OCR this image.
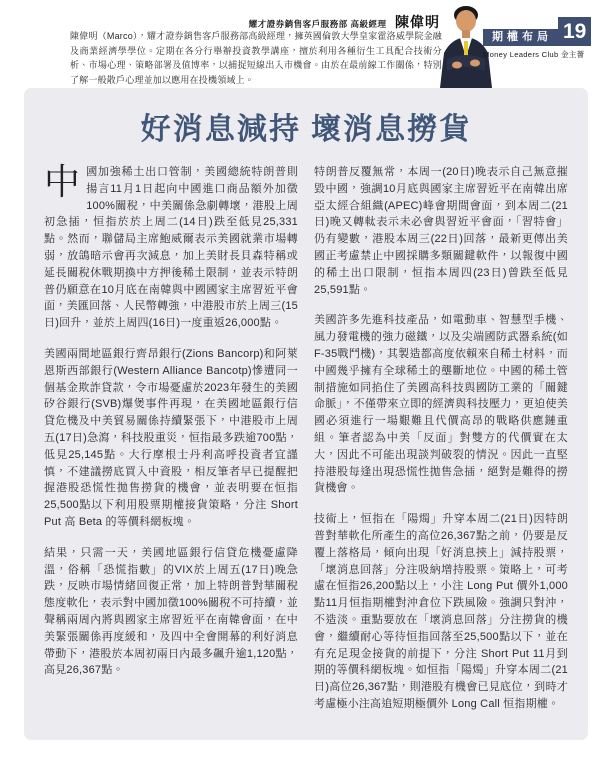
耀才證券銷售客戶服務部 高級經理 陳偉明

陳偉明（Marco），耀才證券銷售客戶服務部高級經理，擁英國倫敦大學皇家霍洛威學院金融及商業經濟學學位。定期在各分行舉辦投資教學講座，擅於利用各種衍生工具配合技術分析、市場心理、策略部署及值博率，以捕捉短線出入市機會。由於在最前線工作關係，特別了解一般散戶心理並加以應用在投機領域上。

期權布局 19
Money Leaders Club 金主薈
好消息減持 壞消息撈貨

中國加強稀土出口管制，美國總統特朗普則揚言11月1日起向中國進口商品額外加徵100%關稅，中美關係急劇轉壞，港股上周初急插，恒指於於上周二(14日)跌至低見25,331點。然而，聯儲局主席鮑威爾表示美國就業市場轉弱，放鴿暗示會再次減息，加上美財長貝森特稱或延長關稅休戰期換中方押後稀土限制，並表示特朗普仍願意在10月底在南韓與中國國家主席習近平會面，美匯回落、人民幣轉強，中港股市於上周三(15日)回升，並於上周四(16日)一度重返26,000點。

美國兩間地區銀行齊昂銀行(Zions Bancorp)和阿萊恩斯西部銀行(Western Alliance Bancotp)慘遭同一個基金欺詐貸款，令市場憂慮於2023年發生的美國矽谷銀行(SVB)爆煲事件再現，在美國地區銀行信貸危機及中美貿易關係持續緊張下，中港股市上周五(17日)急瀉，科技股重災，恒指最多跌逾700點，低見25,145點。大行摩根士丹利高呼投資者宜謹慎，不建議撈底買入中資股，相反筆者早已提醒把握港股恐慌性拋售撈貨的機會，並表明要在恒指25,500點以下利用股票期權接貨策略，分注 Short Put 高 Beta 的等價科網板塊。

結果，只需一天，美國地區銀行信貸危機憂慮降溫，俗稱「恐慌指數」的VIX於上周五(17日)晚急跌，反映市場情緒回復正常，加上特朗普對華關稅態度軟化，表示對中國加徵100%關稅不可持續，並聲稱兩周內將與國家主席習近平在南韓會面，在中美緊張關係再度緩和，及四中全會開幕的利好消息帶動下，港股於本周初兩日內最多飆升逾1,120點，高見26,367點。

特朗普反覆無常，本周一(20日)晚表示自己無意摧毀中國，強調10月底與國家主席習近平在南韓出席亞太經合組織(APEC)峰會期間會面，到本周二(21日)晚又轉軚表示未必會與習近平會面，「習特會」仍有變數，港股本周三(22日)回落，最新更傳出美國正考慮禁止中國採購多類關鍵軟件，以報復中國的稀土出口限制，恒指本周四(23日)曾跌至低見25,591點。

美國許多先進科技產品，如電動車、智慧型手機、風力發電機的強力磁鐵，以及尖端國防武器系統(如F-35戰鬥機)，其製造都高度依賴來自稀土材料，而中國幾乎擁有全球稀土的壟斷地位。中國的稀土管制措施如同掐住了美國高科技與國防工業的「關鍵命脈」，不僅帶來立即的經濟與科技壓力，更迫使美國必須進行一場艱難且代價高昂的戰略供應鏈重組。筆者認為中美「反面」對雙方的代價實在太大，因此不可能出現談判破裂的情況。因此一直堅持港股每逢出現恐慌性拋售急插，絕對是難得的撈貨機會。

技術上，恒指在「陽燭」升穿本周二(21日)因特朗普對華軟化所產生的高位26,367點之前，仍要是反覆上落格局，傾向出現「好消息挾上」減持股票，「壞消息回落」分注吸納增持股票。策略上，可考慮在恒指26,200點以上，小注 Long Put 價外1,000點11月恒指期權對沖倉位下跌風險。強調只對沖，不造淡。重點要放在「壞消息回落」分注撈貨的機會，繼續耐心等待恒指回落至25,500點以下，並在有充足現金接貨的前提下，分注 Short Put 11月到期的等價科網板塊。如恒指「陽燭」升穿本周二(21日)高位26,367點，則港股有機會已見底位，到時才考慮極小注高追短期極價外 Long Call 恒指期權。
